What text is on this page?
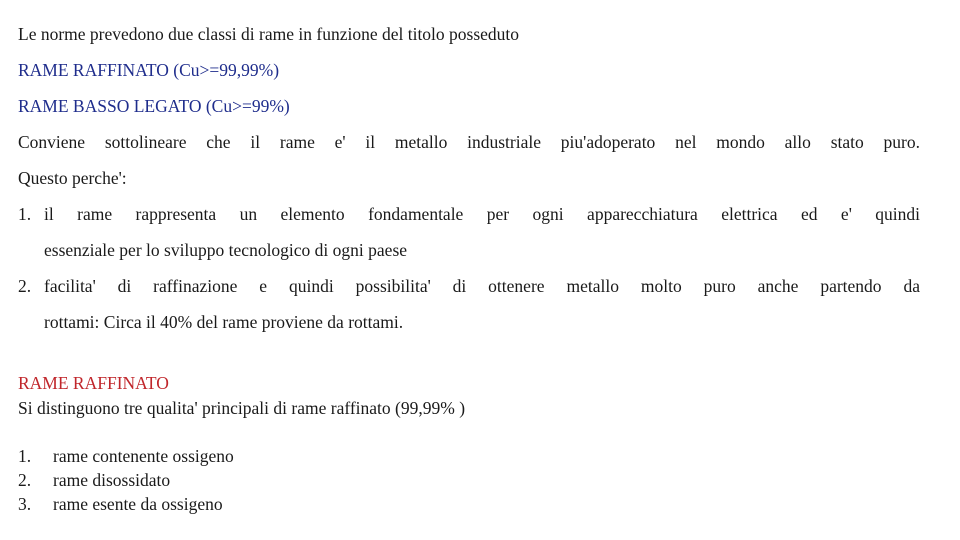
Le norme prevedono due classi di rame in funzione del titolo posseduto
RAME RAFFINATO (Cu>=99,99%)
RAME BASSO LEGATO (Cu>=99%)
Conviene sottolineare che il rame e' il metallo industriale piu'adoperato nel mondo allo stato puro.
Questo perche':
1. il rame rappresenta un elemento fondamentale per ogni apparecchiatura elettrica ed e' quindi
essenziale per lo sviluppo tecnologico di ogni paese
2. facilita' di raffinazione e quindi possibilita' di ottenere metallo molto puro anche partendo da
rottami: Circa il 40% del rame proviene da rottami.
RAME RAFFINATO
Si distinguono tre qualita' principali di rame raffinato (99,99% )
1. rame contenente ossigeno
2. rame disossidato
3. rame esente da ossigeno
